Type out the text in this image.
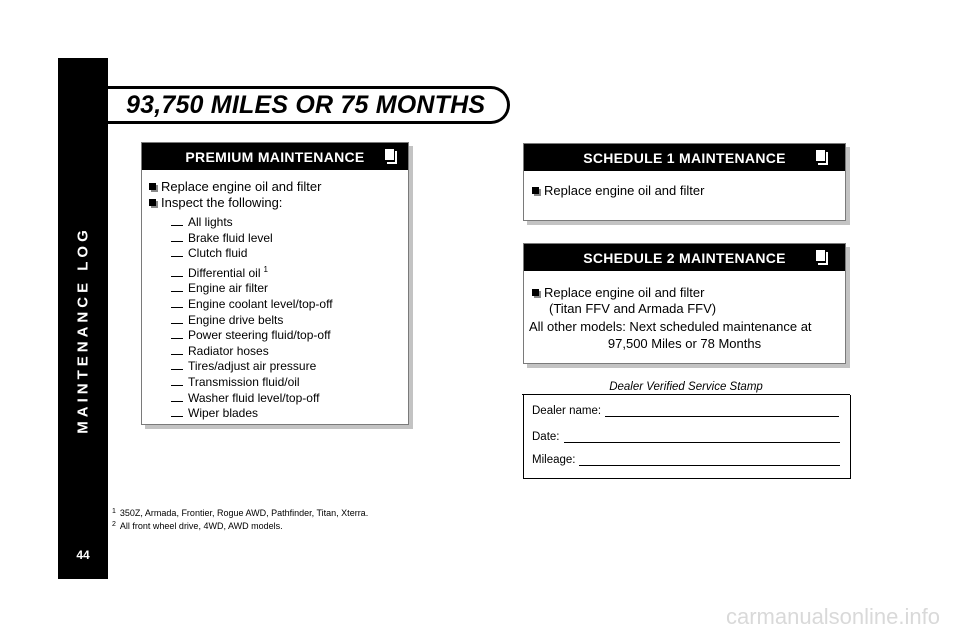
MAINTENANCE LOG
44
93,750 MILES OR 75 MONTHS
PREMIUM MAINTENANCE
Replace engine oil and filter
Inspect the following:
All lights
Brake fluid level
Clutch fluid
Differential oil $^1$
Engine air filter
Engine coolant level/top-off
Engine drive belts
Power steering fluid/top-off
Radiator hoses
Tires/adjust air pressure
Transmission fluid/oil
Washer fluid level/top-off
Wiper blades
SCHEDULE 1 MAINTENANCE
Replace engine oil and filter
SCHEDULE 2 MAINTENANCE
Replace engine oil and filter
(Titan FFV and Armada FFV)
All other models: Next scheduled maintenance at
97,500 Miles or 78 Months
Dealer Verified Service Stamp
Dealer name:
Date:
Mileage:
$^1$ 350Z, Armada, Frontier, Rogue AWD, Pathfinder, Titan, Xterra.
$^2$ All front wheel drive, 4WD, AWD models.
carmanualsonline.info
